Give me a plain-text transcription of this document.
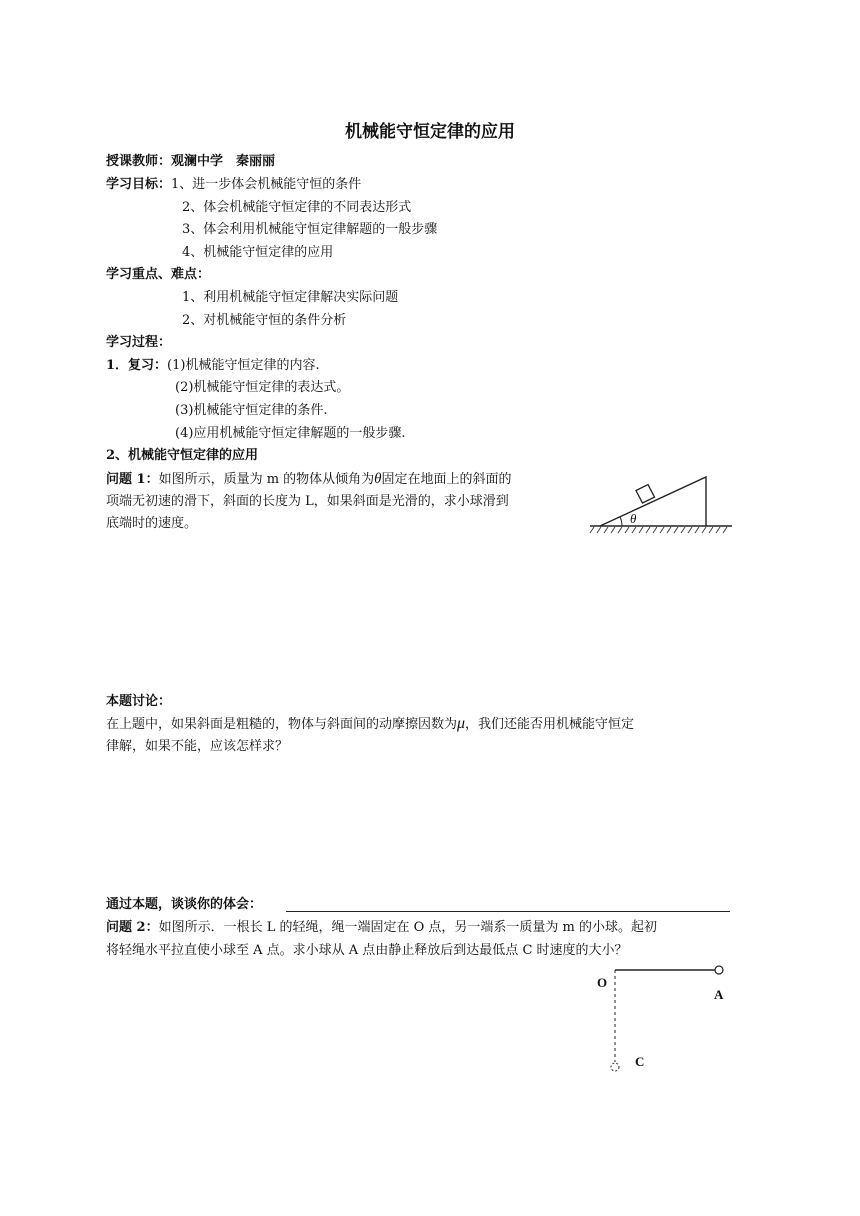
机械能守恒定律的应用
授课教师：观澜中学　秦丽丽
学习目标：1、进一步体会机械能守恒的条件
2、体会机械能守恒定律的不同表达形式
3、体会利用机械能守恒定律解题的一般步骤
4、机械能守恒定律的应用
学习重点、难点：
1、利用机械能守恒定律解决实际问题
2、对机械能守恒的条件分析
学习过程：
1．复习：(1)机械能守恒定律的内容.
(2)机械能守恒定律的表达式。
(3)机械能守恒定律的条件.
(4)应用机械能守恒定律解题的一般步骤.
2、机械能守恒定律的应用
问题 1：如图所示，质量为 m 的物体从倾角为θ固定在地面上的斜面的
项端无初速的滑下，斜面的长度为 L，如果斜面是光滑的，求小球滑到
底端时的速度。	θ
本题讨论：
在上题中，如果斜面是粗糙的，物体与斜面间的动摩擦因数为μ，我们还能否用机械能守恒定
律解，如果不能，应该怎样求？
通过本题，谈谈你的体会：
问题 2：如图所示．一根长 L 的轻绳，绳一端固定在 O 点，另一端系一质量为 m 的小球。起初
将轻绳水平拉直使小球至 A 点。求小球从 A 点由静止释放后到达最低点 C 时速度的大小？
O
A
C
